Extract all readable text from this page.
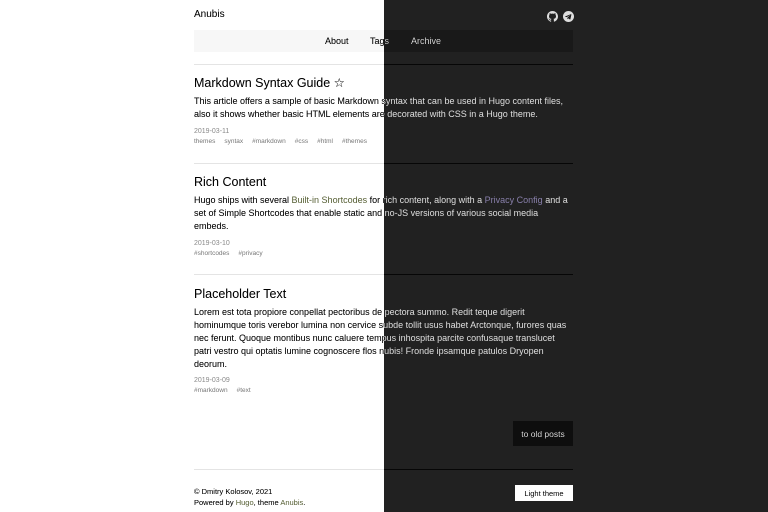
Anubis
About Tags Archive
Markdown Syntax Guide ☆
This article offers a sample of basic Markdown syntax that can be used in Hugo content files, also it shows whether basic HTML elements are decorated with CSS in a Hugo theme.
2019-03-11
themes syntax #markdown #css #html #themes
Rich Content
Hugo ships with several Built-in Shortcodes for rich content, along with a Privacy Config and a set of Simple Shortcodes that enable static and no-JS versions of various social media embeds.
2019-03-10
#shortcodes #privacy
Placeholder Text
Lorem est tota propiore conpellat pectoribus de pectora summo. Redit teque digerit hominumque toris verebor lumina non cervice subde tollit usus habet Arctonque, furores quas nec ferunt. Quoque montibus nunc caluere tempus inhospita parcite confusaque translucet patri vestro qui optatis lumine cognoscere flos nubis! Fronde ipsamque patulos Dryopen deorum.
2019-03-09
#markdown #text
to old posts
© Dmitry Kolosov, 2021
Powered by Hugo, theme Anubis.
Light theme
